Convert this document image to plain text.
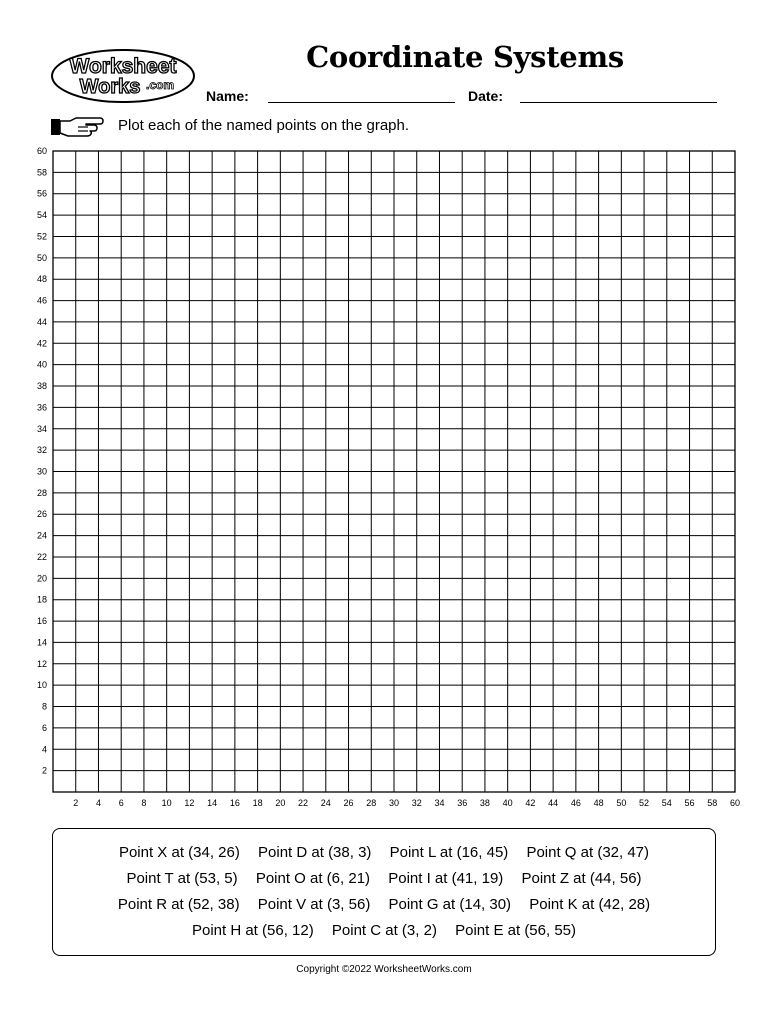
Worksheet
Works .com
Coordinate Systems
Name:	Date:
Plot each of the named points on the graph.
2 4 6 8 10 12 14 16 18 20 22 24 26 28 30 32 34 36 38 40 42 44 46 48 50 52 54 56 58 60
2
4
6
8
10
12
14
16
18
20
22
24
26
28
30
32
34
36
38
40
42
44
46
48
50
52
54
56
58
60
Point X at (34, 26) Point D at (38, 3) Point L at (16, 45) Point Q at (32, 47)
Point T at (53, 5) Point O at (6, 21) Point I at (41, 19) Point Z at (44, 56)
Point R at (52, 38) Point V at (3, 56) Point G at (14, 30) Point K at (42, 28)
Point H at (56, 12) Point C at (3, 2) Point E at (56, 55)
Copyright ©2022 WorksheetWorks.com
